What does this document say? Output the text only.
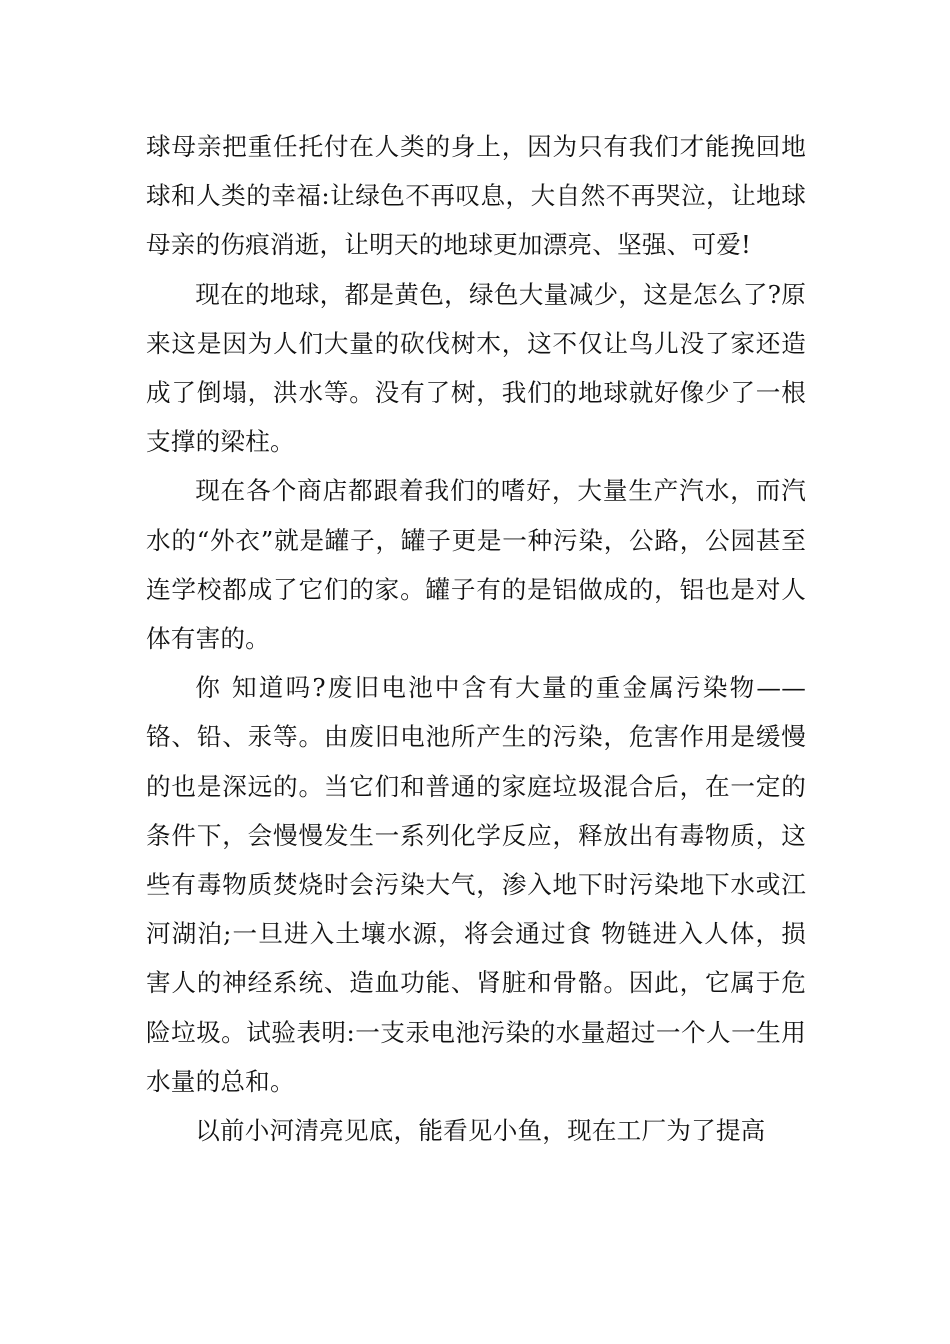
球母亲把重任托付在人类的身上，因为只有我们才能挽回地球和人类的幸福:让绿色不再叹息，大自然不再哭泣，让地球母亲的伤痕消逝，让明天的地球更加漂亮、坚强、可爱!

现在的地球，都是黄色，绿色大量减少，这是怎么了?原来这是因为人们大量的砍伐树木，这不仅让鸟儿没了家还造成了倒塌，洪水等。没有了树，我们的地球就好像少了一根支撑的梁柱。

现在各个商店都跟着我们的嗜好，大量生产汽水，而汽水的“外衣”就是罐子，罐子更是一种污染，公路，公园甚至连学校都成了它们的家。罐子有的是铝做成的，铝也是对人体有害的。

你 知道吗?废旧电池中含有大量的重金属污染物——铬、铅、汞等。由废旧电池所产生的污染，危害作用是缓慢的也是深远的。当它们和普通的家庭垃圾混合后，在一定的条件下，会慢慢发生一系列化学反应，释放出有毒物质，这些有毒物质焚烧时会污染大气，渗入地下时污染地下水或江河湖泊;一旦进入土壤水源，将会通过食 物链进入人体，损害人的神经系统、造血功能、肾脏和骨骼。因此，它属于危险垃圾。试验表明:一支汞电池污染的水量超过一个人一生用水量的总和。

以前小河清亮见底，能看见小鱼，现在工厂为了提高
